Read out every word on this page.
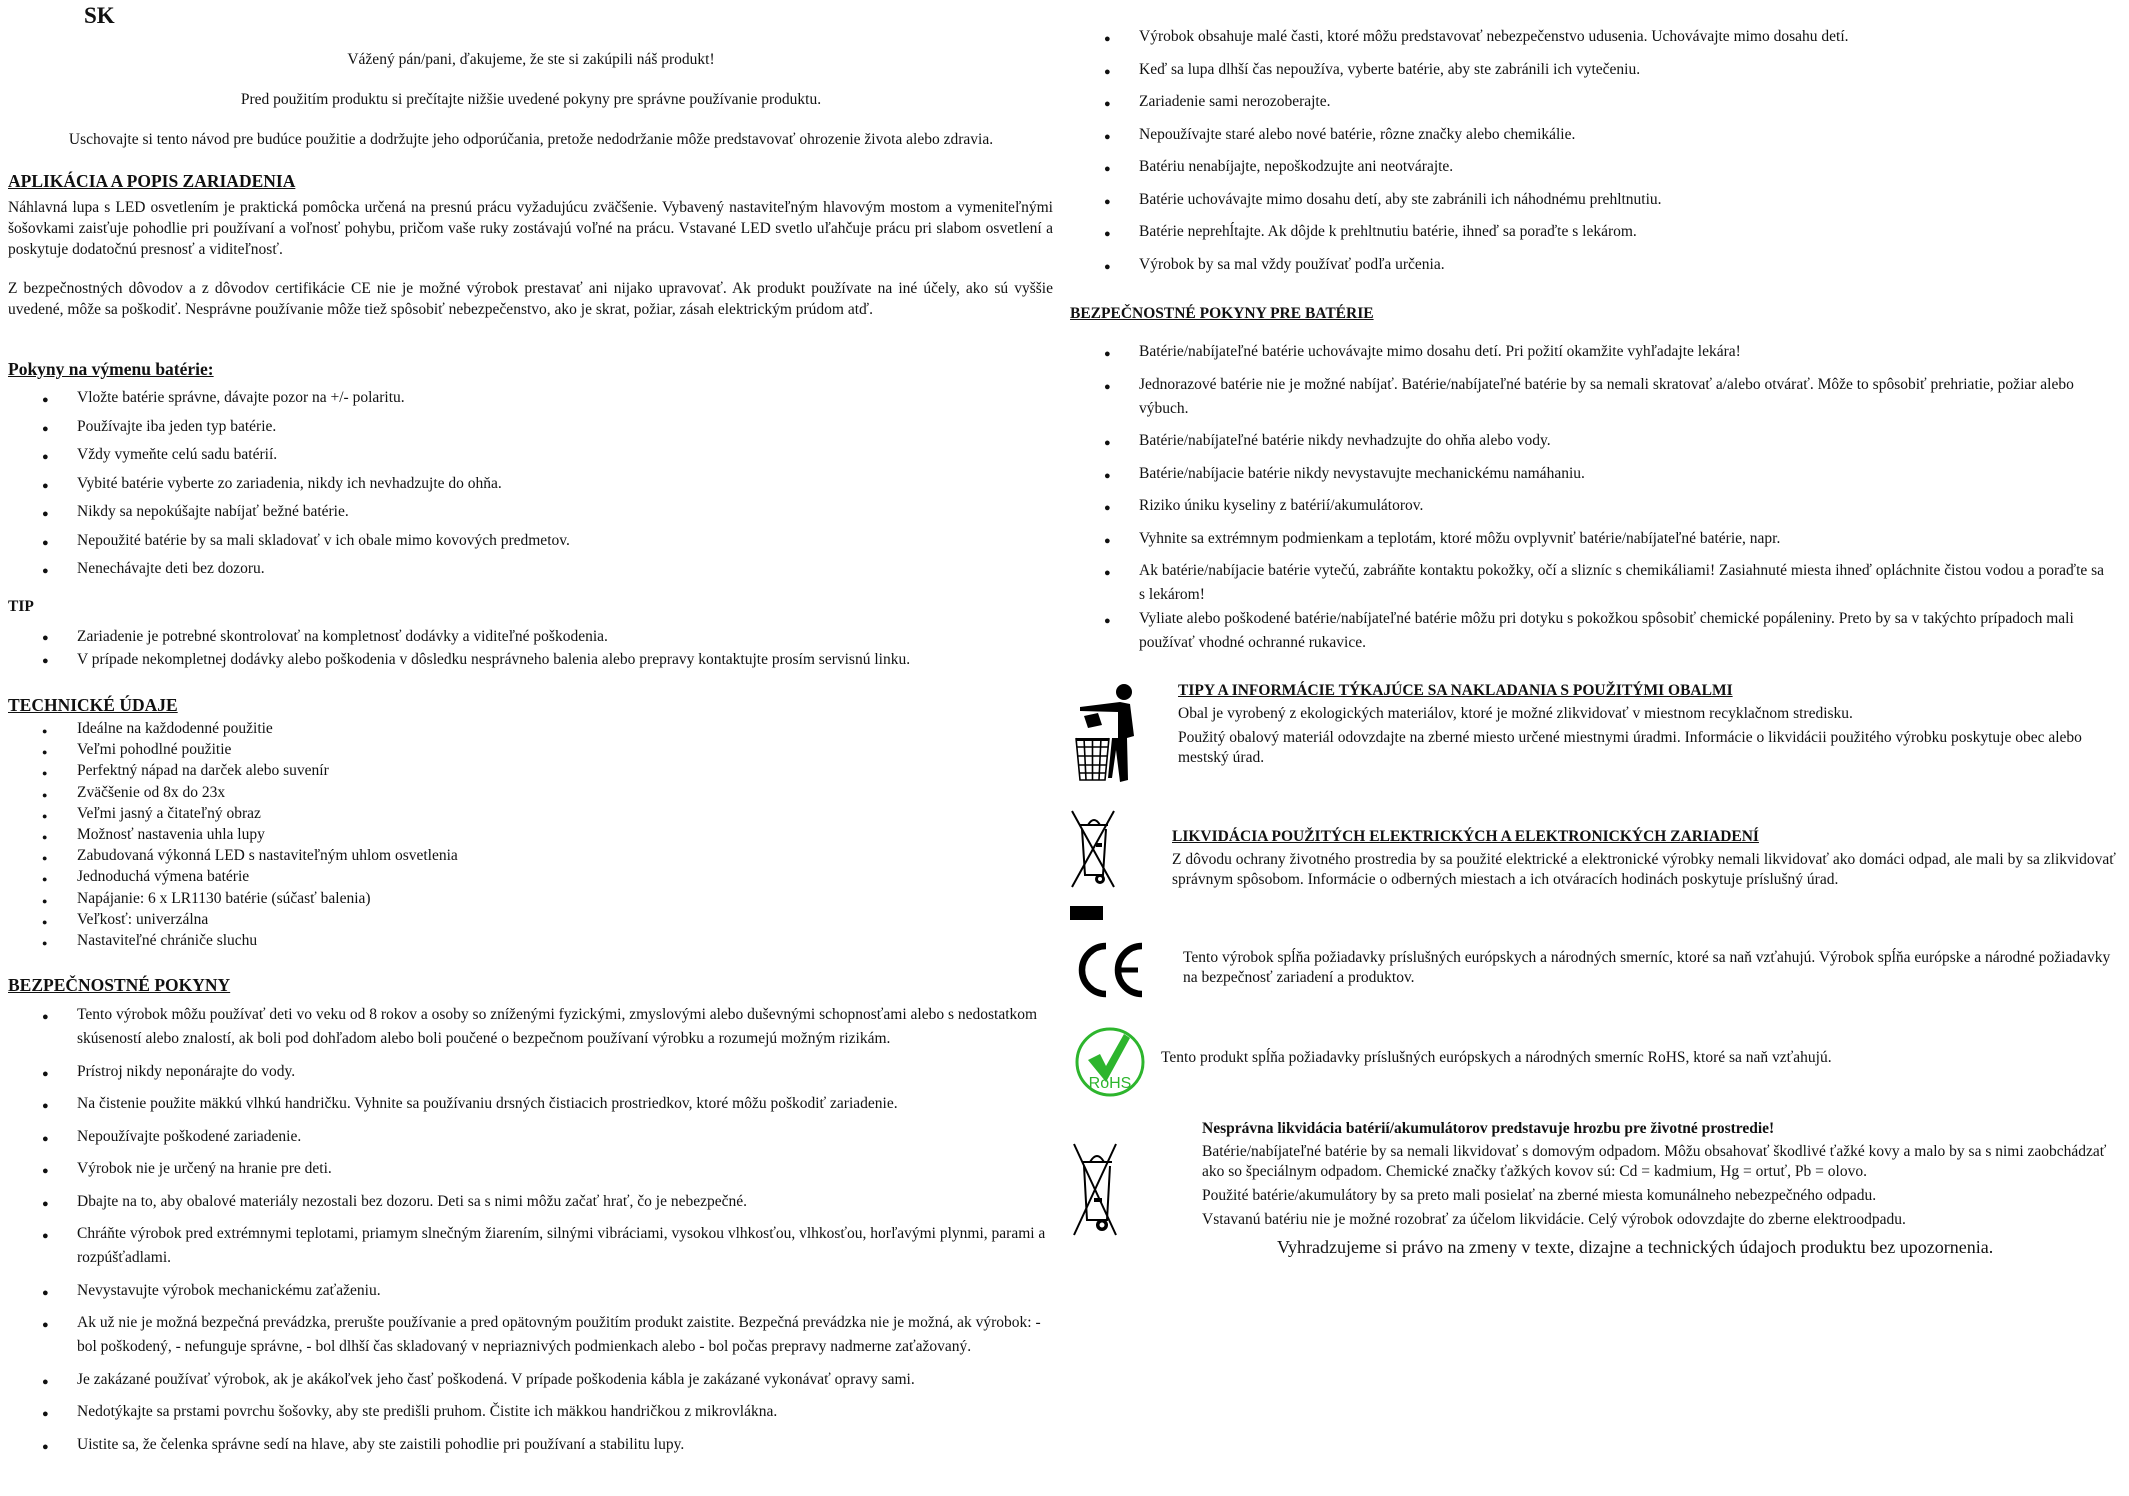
SK
Vážený pán/pani, ďakujeme, že ste si zakúpili náš produkt!
Pred použitím produktu si prečítajte nižšie uvedené pokyny pre správne používanie produktu.
Uschovajte si tento návod pre budúce použitie a dodržujte jeho odporúčania, pretože nedodržanie môže predstavovať ohrozenie života alebo zdravia.
APLIKÁCIA A POPIS ZARIADENIA
Náhlavná lupa s LED osvetlením je praktická pomôcka určená na presnú prácu vyžadujúcu zväčšenie. Vybavený nastaviteľným hlavovým mostom a vymeniteľnými šošovkami zaisťuje pohodlie pri používaní a voľnosť pohybu, pričom vaše ruky zostávajú voľné na prácu. Vstavané LED svetlo uľahčuje prácu pri slabom osvetlení a poskytuje dodatočnú presnosť a viditeľnosť.
Z bezpečnostných dôvodov a z dôvodov certifikácie CE nie je možné výrobok prestavať ani nijako upravovať. Ak produkt používate na iné účely, ako sú vyššie uvedené, môže sa poškodiť. Nesprávne používanie môže tiež spôsobiť nebezpečenstvo, ako je skrat, požiar, zásah elektrickým prúdom atď.
Pokyny na výmenu batérie:
● Vložte batérie správne, dávajte pozor na +/- polaritu.
● Používajte iba jeden typ batérie.
● Vždy vymeňte celú sadu batérií.
● Vybité batérie vyberte zo zariadenia, nikdy ich nevhadzujte do ohňa.
● Nikdy sa nepokúšajte nabíjať bežné batérie.
● Nepoužité batérie by sa mali skladovať v ich obale mimo kovových predmetov.
● Nenechávajte deti bez dozoru.
TIP
● Zariadenie je potrebné skontrolovať na kompletnosť dodávky a viditeľné poškodenia.
● V prípade nekompletnej dodávky alebo poškodenia v dôsledku nesprávneho balenia alebo prepravy kontaktujte prosím servisnú linku.
TECHNICKÉ ÚDAJE
● Ideálne na každodenné použitie
● Veľmi pohodlné použitie
● Perfektný nápad na darček alebo suvenír
● Zväčšenie od 8x do 23x
● Veľmi jasný a čitateľný obraz
● Možnosť nastavenia uhla lupy
● Zabudovaná výkonná LED s nastaviteľným uhlom osvetlenia
● Jednoduchá výmena batérie
● Napájanie: 6 x LR1130 batérie (súčasť balenia)
● Veľkosť: univerzálna
● Nastaviteľné chrániče sluchu
BEZPEČNOSTNÉ POKYNY
● Tento výrobok môžu používať deti vo veku od 8 rokov a osoby so zníženými fyzickými, zmyslovými alebo duševnými schopnosťami alebo s nedostatkom skúseností alebo znalostí, ak boli pod dohľadom alebo boli poučené o bezpečnom používaní výrobku a rozumejú možným rizikám.
● Prístroj nikdy neponárajte do vody.
● Na čistenie použite mäkkú vlhkú handričku. Vyhnite sa používaniu drsných čistiacich prostriedkov, ktoré môžu poškodiť zariadenie.
● Nepoužívajte poškodené zariadenie.
● Výrobok nie je určený na hranie pre deti.
● Dbajte na to, aby obalové materiály nezostali bez dozoru. Deti sa s nimi môžu začať hrať, čo je nebezpečné.
● Chráňte výrobok pred extrémnymi teplotami, priamym slnečným žiarením, silnými vibráciami, vysokou vlhkosťou, vlhkosťou, horľavými plynmi, parami a rozpúšťadlami.
● Nevystavujte výrobok mechanickému zaťaženiu.
● Ak už nie je možná bezpečná prevádzka, prerušte používanie a pred opätovným použitím produkt zaistite. Bezpečná prevádzka nie je možná, ak výrobok: - bol poškodený, - nefunguje správne, - bol dlhší čas skladovaný v nepriaznivých podmienkach alebo - bol počas prepravy nadmerne zaťažovaný.
● Je zakázané používať výrobok, ak je akákoľvek jeho časť poškodená. V prípade poškodenia kábla je zakázané vykonávať opravy sami.
● Nedotýkajte sa prstami povrchu šošovky, aby ste predišli pruhom. Čistite ich mäkkou handričkou z mikrovlákna.
● Uistite sa, že čelenka správne sedí na hlave, aby ste zaistili pohodlie pri používaní a stabilitu lupy.
● Výrobok obsahuje malé časti, ktoré môžu predstavovať nebezpečenstvo udusenia. Uchovávajte mimo dosahu detí.
● Keď sa lupa dlhší čas nepoužíva, vyberte batérie, aby ste zabránili ich vytečeniu.
● Zariadenie sami nerozoberajte.
● Nepoužívajte staré alebo nové batérie, rôzne značky alebo chemikálie.
● Batériu nenabíjajte, nepoškodzujte ani neotvárajte.
● Batérie uchovávajte mimo dosahu detí, aby ste zabránili ich náhodnému prehltnutiu.
● Batérie neprehĺtajte. Ak dôjde k prehltnutiu batérie, ihneď sa poraďte s lekárom.
● Výrobok by sa mal vždy používať podľa určenia.
BEZPEČNOSTNÉ POKYNY PRE BATÉRIE
● Batérie/nabíjateľné batérie uchovávajte mimo dosahu detí. Pri požití okamžite vyhľadajte lekára!
● Jednorazové batérie nie je možné nabíjať. Batérie/nabíjateľné batérie by sa nemali skratovať a/alebo otvárať. Môže to spôsobiť prehriatie, požiar alebo výbuch.
● Batérie/nabíjateľné batérie nikdy nevhadzujte do ohňa alebo vody.
● Batérie/nabíjacie batérie nikdy nevystavujte mechanickému namáhaniu.
● Riziko úniku kyseliny z batérií/akumulátorov.
● Vyhnite sa extrémnym podmienkam a teplotám, ktoré môžu ovplyvniť batérie/nabíjateľné batérie, napr.
● Ak batérie/nabíjacie batérie vytečú, zabráňte kontaktu pokožky, očí a slizníc s chemikáliami! Zasiahnuté miesta ihneď opláchnite čistou vodou a poraďte sa s lekárom!
● Vyliate alebo poškodené batérie/nabíjateľné batérie môžu pri dotyku s pokožkou spôsobiť chemické popáleniny. Preto by sa v takýchto prípadoch mali používať vhodné ochranné rukavice.
TIPY A INFORMÁCIE TÝKAJÚCE SA NAKLADANIA S POUŽITÝMI OBALMI
Obal je vyrobený z ekologických materiálov, ktoré je možné zlikvidovať v miestnom recyklačnom stredisku.
Použitý obalový materiál odovzdajte na zberné miesto určené miestnymi úradmi. Informácie o likvidácii použitého výrobku poskytuje obec alebo mestský úrad.
LIKVIDÁCIA POUŽITÝCH ELEKTRICKÝCH A ELEKTRONICKÝCH ZARIADENÍ
Z dôvodu ochrany životného prostredia by sa použité elektrické a elektronické výrobky nemali likvidovať ako domáci odpad, ale mali by sa zlikvidovať správnym spôsobom. Informácie o odberných miestach a ich otváracích hodinách poskytuje príslušný úrad.
Tento výrobok spĺňa požiadavky príslušných európskych a národných smerníc, ktoré sa naň vzťahujú. Výrobok spĺňa európske a národné požiadavky na bezpečnosť zariadení a produktov.
RoHS
Tento produkt spĺňa požiadavky príslušných európskych a národných smerníc RoHS, ktoré sa naň vzťahujú.
Nesprávna likvidácia batérií/akumulátorov predstavuje hrozbu pre životné prostredie!
Batérie/nabíjateľné batérie by sa nemali likvidovať s domovým odpadom. Môžu obsahovať škodlivé ťažké kovy a malo by sa s nimi zaobchádzať ako so špeciálnym odpadom. Chemické značky ťažkých kovov sú: Cd = kadmium, Hg = ortuť, Pb = olovo.
Použité batérie/akumulátory by sa preto mali posielať na zberné miesta komunálneho nebezpečného odpadu.
Vstavanú batériu nie je možné rozobrať za účelom likvidácie. Celý výrobok odovzdajte do zberne elektroodpadu.
Vyhradzujeme si právo na zmeny v texte, dizajne a technických údajoch produktu bez upozornenia.
